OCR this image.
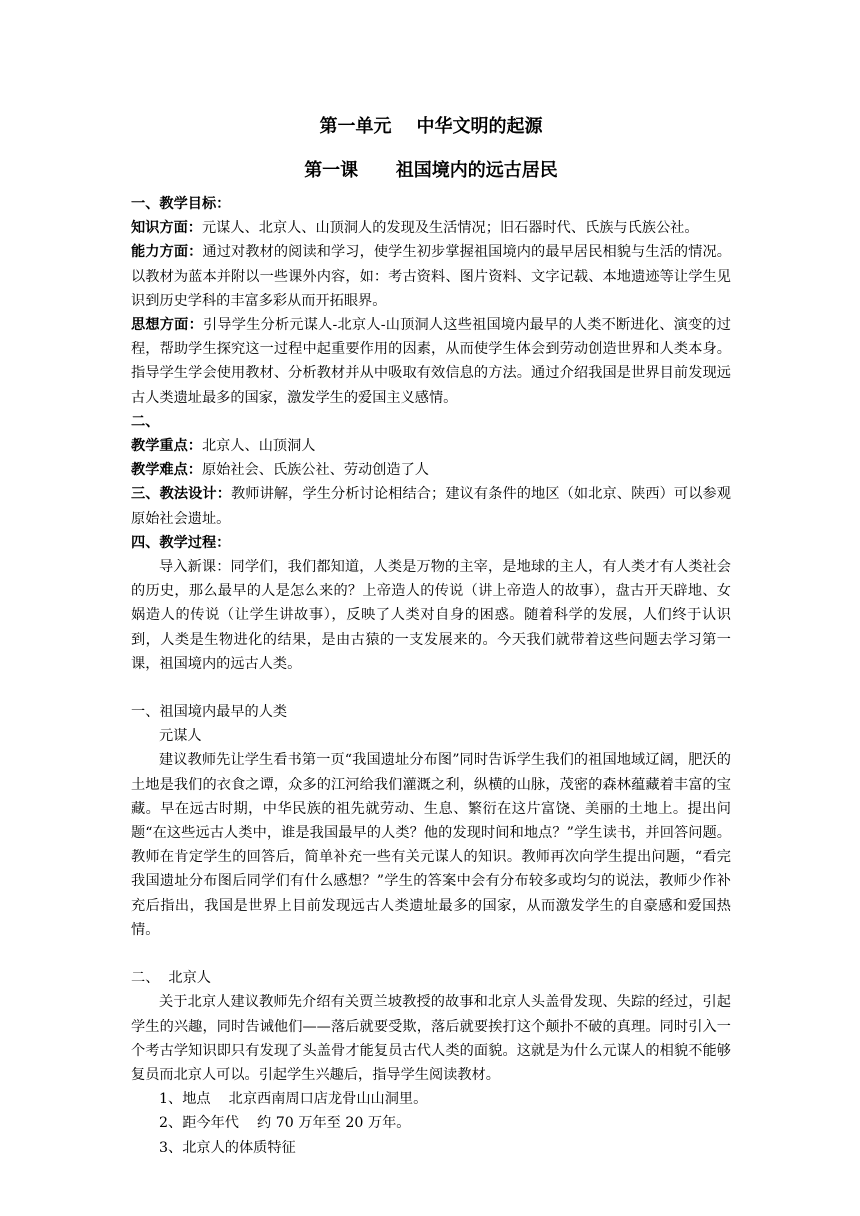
第一单元    中华文明的起源
第一课      祖国境内的远古居民

一、教学目标：

知识方面：元谋人、北京人、山顶洞人的发现及生活情况；旧石器时代、氏族与氏族公社。

能力方面：通过对教材的阅读和学习，使学生初步掌握祖国境内的最早居民相貌与生活的情况。以教材为蓝本并附以一些课外内容，如：考古资料、图片资料、文字记载、本地遗迹等让学生见识到历史学科的丰富多彩从而开拓眼界。

思想方面：引导学生分析元谋人-北京人-山顶洞人这些祖国境内最早的人类不断进化、演变的过程，帮助学生探究这一过程中起重要作用的因素，从而使学生体会到劳动创造世界和人类本身。指导学生学会使用教材、分析教材并从中吸取有效信息的方法。通过介绍我国是世界目前发现远古人类遗址最多的国家，激发学生的爱国主义感情。

二、

教学重点：北京人、山顶洞人

教学难点：原始社会、氏族公社、劳动创造了人

三、教法设计：教师讲解，学生分析讨论相结合；建议有条件的地区（如北京、陕西）可以参观原始社会遗址。

四、教学过程：

导入新课：同学们，我们都知道，人类是万物的主宰，是地球的主人，有人类才有人类社会的历史，那么最早的人是怎么来的？上帝造人的传说（讲上帝造人的故事），盘古开天辟地、女娲造人的传说（让学生讲故事），反映了人类对自身的困惑。随着科学的发展，人们终于认识到，人类是生物进化的结果，是由古猿的一支发展来的。今天我们就带着这些问题去学习第一课，祖国境内的远古人类。

一、祖国境内最早的人类

元谋人

建议教师先让学生看书第一页“我国遗址分布图”同时告诉学生我们的祖国地域辽阔，肥沃的土地是我们的衣食之谭，众多的江河给我们灌溉之利，纵横的山脉，茂密的森林蕴藏着丰富的宝藏。早在远古时期，中华民族的祖先就劳动、生息、繁衍在这片富饶、美丽的土地上。提出问题“在这些远古人类中，谁是我国最早的人类？他的发现时间和地点？”学生读书，并回答问题。教师在肯定学生的回答后，简单补充一些有关元谋人的知识。教师再次向学生提出问题，“看完我国遗址分布图后同学们有什么感想？”学生的答案中会有分布较多或均匀的说法，教师少作补充后指出，我国是世界上目前发现远古人类遗址最多的国家，从而激发学生的自豪感和爱国热情。

二、  北京人

关于北京人建议教师先介绍有关贾兰坡教授的故事和北京人头盖骨发现、失踪的经过，引起学生的兴趣，同时告诫他们——落后就要受欺，落后就要挨打这个颠扑不破的真理。同时引入一个考古学知识即只有发现了头盖骨才能复员古代人类的面貌。这就是为什么元谋人的相貌不能够复员而北京人可以。引起学生兴趣后，指导学生阅读教材。

1、地点    北京西南周口店龙骨山山洞里。

2、距今年代    约 70 万年至 20 万年。

3、北京人的体质特征
